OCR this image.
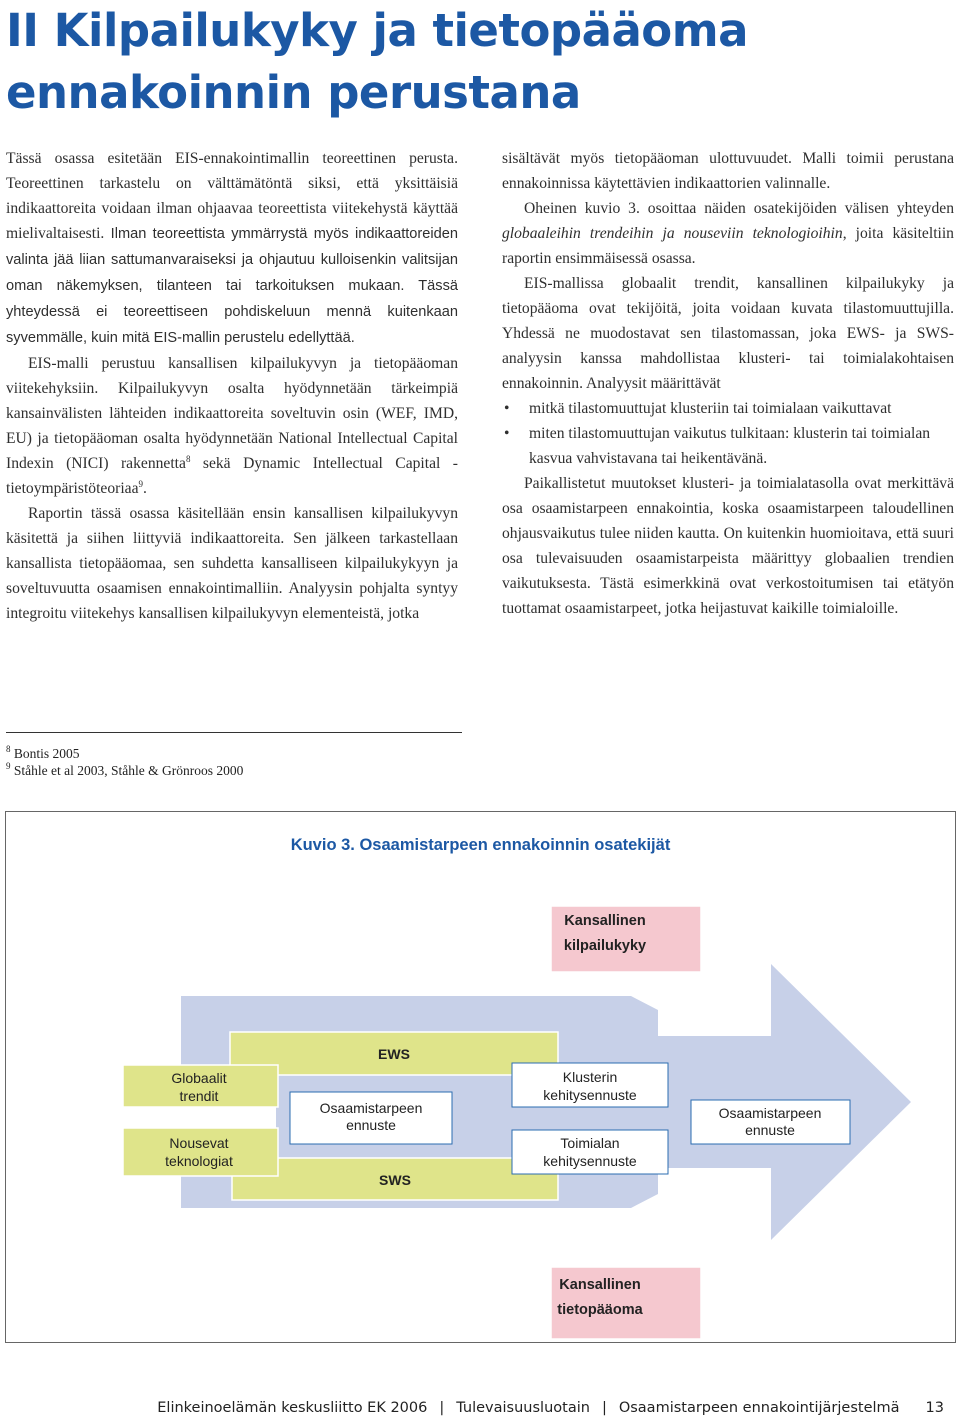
II Kilpailukyky ja tietopääoma
ennakoinnin perustana

Tässä osassa esitetään EIS-ennakointimallin teoreettinen perusta. Teoreettinen tarkastelu on välttämätöntä siksi, että yksittäisiä indikaattoreita voidaan ilman ohjaavaa teoreettista viitekehystä käyttää mielivaltaisesti. Ilman teoreettista ymmärrystä myös indikaattoreiden valinta jää liian sattumanvaraiseksi ja ohjautuu kulloisenkin valitsijan oman näkemyksen, tilanteen tai tarkoituksen mukaan. Tässä yhteydessä ei teoreettiseen pohdiskeluun mennä kuitenkaan syvemmälle, kuin mitä EIS-mallin perustelu edellyttää.

EIS-malli perustuu kansallisen kilpailukyvyn ja tietopääoman viitekehyksiin. Kilpailukyvyn osalta hyödynnetään tärkeimpiä kansainvälisten lähteiden indikaattoreita soveltuvin osin (WEF, IMD, EU) ja tietopääoman osalta hyödynnetään National Intellectual Capital Indexin (NICI) rakennetta$^8$ sekä Dynamic Intellectual Capital -tietoympäristöteoriaa$^9$.

Raportin tässä osassa käsitellään ensin kansallisen kilpailukyvyn käsitettä ja siihen liittyviä indikaattoreita. Sen jälkeen tarkastellaan kansallista tietopääomaa, sen suhdetta kansalliseen kilpailukykyyn ja soveltuvuutta osaamisen ennakointimalliin. Analyysin pohjalta syntyy integroitu viitekehys kansallisen kilpailukyvyn elementeistä, jotka

sisältävät myös tietopääoman ulottuvuudet. Malli toimii perustana ennakoinnissa käytettävien indikaattorien valinnalle.

Oheinen kuvio 3. osoittaa näiden osatekijöiden välisen yhteyden globaaleihin trendeihin ja nouseviin teknologioihin, joita käsiteltiin raportin ensimmäisessä osassa.

EIS-mallissa globaalit trendit, kansallinen kilpailukyky ja tietopääoma ovat tekijöitä, joita voidaan kuvata tilastomuuttujilla. Yhdessä ne muodostavat sen tilastomassan, joka EWS- ja SWS-analyysin kanssa mahdollistaa klusteri- tai toimialakohtaisen ennakoinnin. Analyysit määrittävät

• mitkä tilastomuuttujat klusteriin tai toimialaan vaikuttavat
• miten tilastomuuttujan vaikutus tulkitaan: klusterin tai toimialan kasvua vahvistavana tai heikentävänä.

Paikallistetut muutokset klusteri- ja toimialatasolla ovat merkittävä osa osaamistarpeen ennakointia, koska osaamistarpeen taloudellinen ohjausvaikutus tulee niiden kautta. On kuitenkin huomioitava, että suuri osa tulevaisuuden osaamistarpeista määrittyy globaalien trendien vaikutuksesta. Tästä esimerkkinä ovat verkostoitumisen tai etätyön tuottamat osaamistarpeet, jotka heijastuvat kaikille toimialoille.

$^8$ Bontis 2005
$^9$ Ståhle et al 2003, Ståhle & Grönroos 2000
Kuvio 3. Osaamistarpeen ennakoinnin osatekijät
Kansallinen
kilpailukyky
Kansallinen
tietopääoma
EWS
SWS
Globaalit
trendit
Nousevat
teknologiat
Osaamistarpeen
ennuste
Klusterin
kehitysennuste
Toimialan
kehitysennuste
Osaamistarpeen
ennuste
Elinkeinoelämän keskusliitto EK 2006 | Tulevaisuusluotain | Osaamistarpeen ennakointijärjestelmä 13
